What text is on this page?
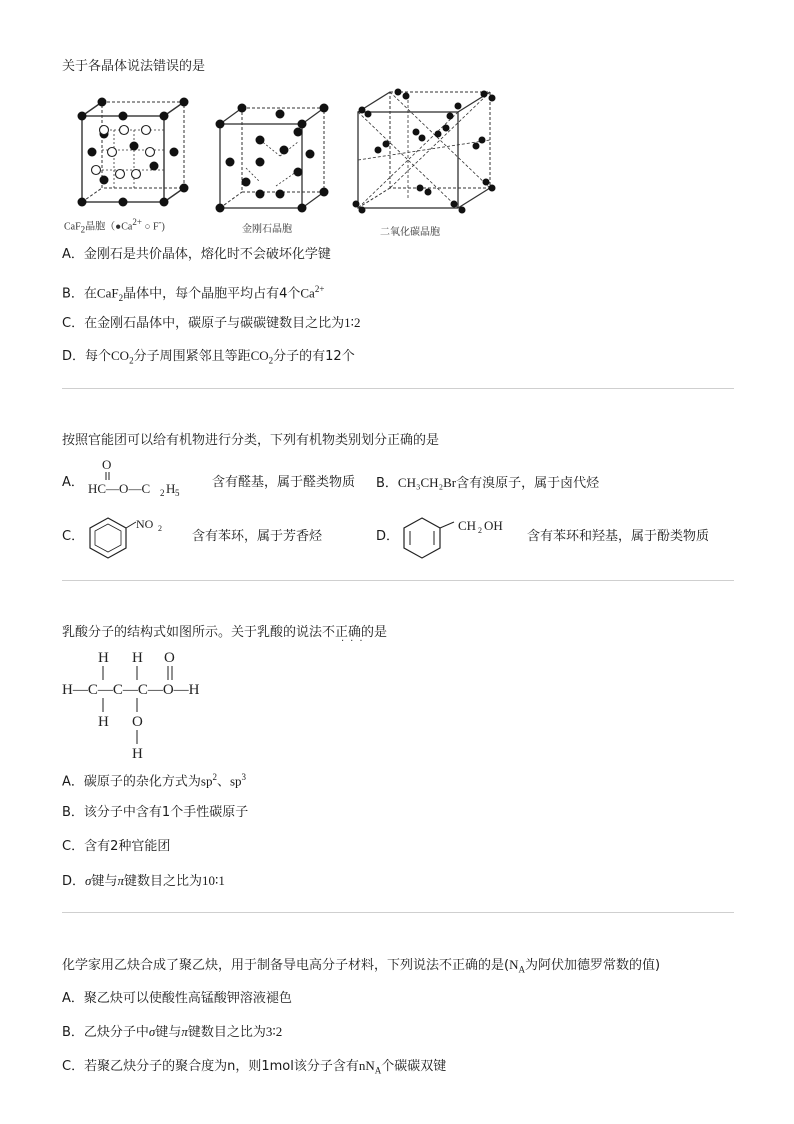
关于各晶体说法错误的是
CaF$_2$晶胞（$●Ca^{2+}$ ○ F-)	金刚石晶胞	二氧化碳晶胞
A．金刚石是共价晶体，熔化时不会破坏化学键
B．在CaF$_2$晶体中，每个晶胞平均占有4个$Ca^{2+}$
C．在金刚石晶体中，碳原子与碳碳键数目之比为1∶2
D．每个$CO_2$分子周围紧邻且等距$CO_2$分子的有12个
按照官能团可以给有机物进行分类，下列有机物类别划分正确的是
A．
O
HC—O—C H 5
2
含有醛基，属于醛类物质 B．CH₃CH₂Br含有溴原子，属于卤代烃
C．
NO 2
含有苯环，属于芳香烃	D．
CH 2 OH
含有苯环和羟基，属于酚类物质
乳酸分子的结构式如图所示。关于乳酸的说法不正确的是
···
H H O
H—C—C—C—O—H
H O
H
A．碳原子的杂化方式为$sp^2$、$sp^3$
B．该分子中含有1个手性碳原子
C．含有2种官能团
D．σ键与π键数目之比为10∶1
化学家用乙炔合成了聚乙炔，用于制备导电高分子材料，下列说法不正确的是($N_A$为阿伏加德罗常数的值)
A．聚乙炔可以使酸性高锰酸钾溶液褪色
B．乙炔分子中σ键与π键数目之比为3∶2
C．若聚乙炔分子的聚合度为n，则1mol该分子含有$nN_A$个碳碳双键
